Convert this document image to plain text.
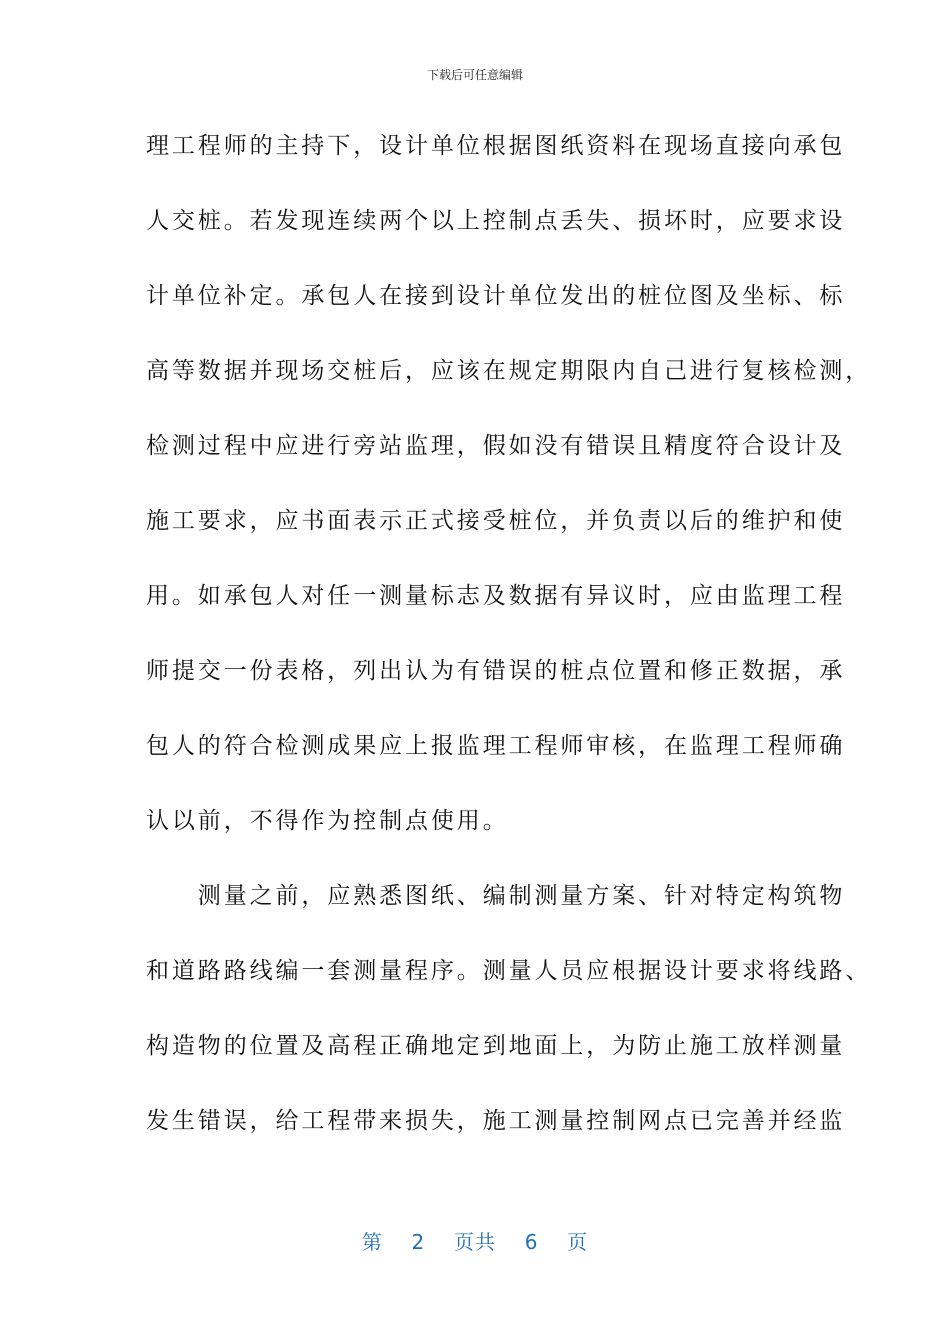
下载后可任意编辑
理工程师的主持下，设计单位根据图纸资料在现场直接向承包
人交桩。若发现连续两个以上控制点丢失、损坏时，应要求设
计单位补定。承包人在接到设计单位发出的桩位图及坐标、标
高等数据并现场交桩后，应该在规定期限内自己进行复核检测，
检测过程中应进行旁站监理，假如没有错误且精度符合设计及
施工要求，应书面表示正式接受桩位，并负责以后的维护和使
用。如承包人对任一测量标志及数据有异议时，应由监理工程
师提交一份表格，列出认为有错误的桩点位置和修正数据，承
包人的符合检测成果应上报监理工程师审核，在监理工程师确
认以前，不得作为控制点使用。
　　测量之前，应熟悉图纸、编制测量方案、针对特定构筑物
和道路路线编一套测量程序。测量人员应根据设计要求将线路、
构造物的位置及高程正确地定到地面上，为防止施工放样测量
发生错误，给工程带来损失，施工测量控制网点已完善并经监
第 2 页共 6 页
